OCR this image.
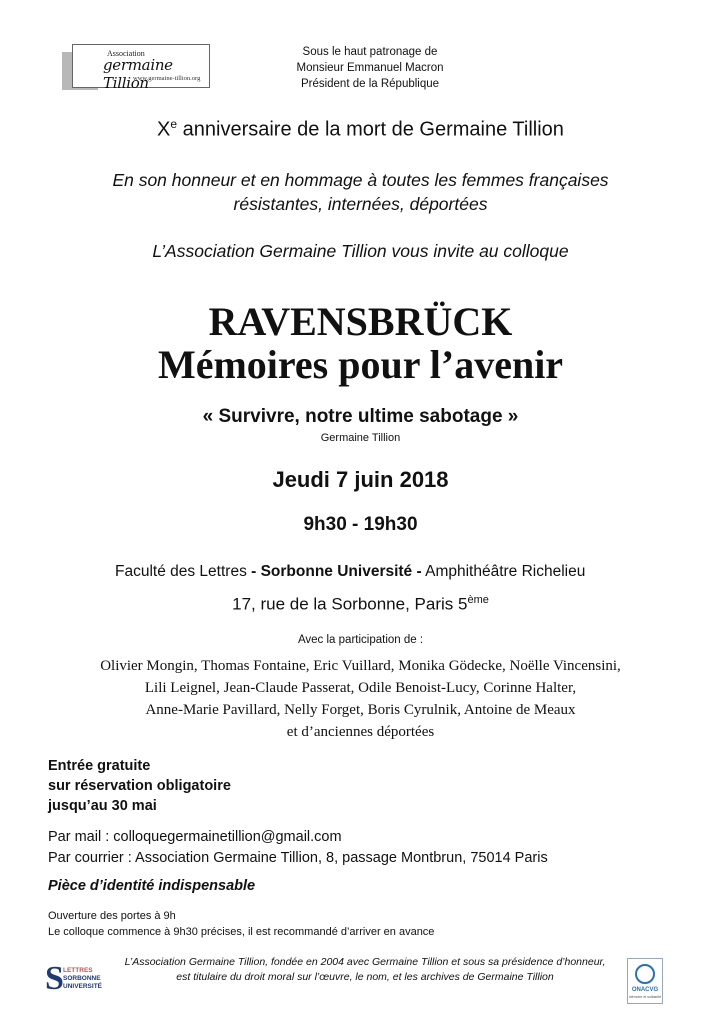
Association
germaine Tillion
www.germaine-tillion.org
Sous le haut patronage de
Monsieur Emmanuel Macron
Président de la République
Xe anniversaire de la mort de Germaine Tillion
En son honneur et en hommage à toutes les femmes françaises
résistantes, internées, déportées
L’Association Germaine Tillion vous invite au colloque
RAVENSBRÜCK
Mémoires pour l’avenir
« Survivre, notre ultime sabotage »
Germaine Tillion
Jeudi 7 juin 2018
9h30 - 19h30
Faculté des Lettres - Sorbonne Université - Amphithéâtre Richelieu
17, rue de la Sorbonne, Paris 5ème
Avec la participation de :
Olivier Mongin, Thomas Fontaine, Eric Vuillard, Monika Gödecke, Noëlle Vincensini,
Lili Leignel, Jean-Claude Passerat, Odile Benoist-Lucy, Corinne Halter,
Anne-Marie Pavillard, Nelly Forget, Boris Cyrulnik, Antoine de Meaux
et d’anciennes déportées
Entrée gratuite
sur réservation obligatoire
jusqu’au 30 mai
Par mail : colloquegermainetillion@gmail.com
Par courrier : Association Germaine Tillion, 8, passage Montbrun, 75014 Paris
Pièce d’identité indispensable
Ouverture des portes à 9h
Le colloque commence à 9h30 précises, il est recommandé d’arriver en avance
S LETTRES
SORBONNE
UNIVERSITÉ
L’Association Germaine Tillion, fondée en 2004 avec Germaine Tillion et sous sa présidence d’honneur,
est titulaire du droit moral sur l’œuvre, le nom, et les archives de Germaine Tillion
ONACVG
mémoire et solidarité
